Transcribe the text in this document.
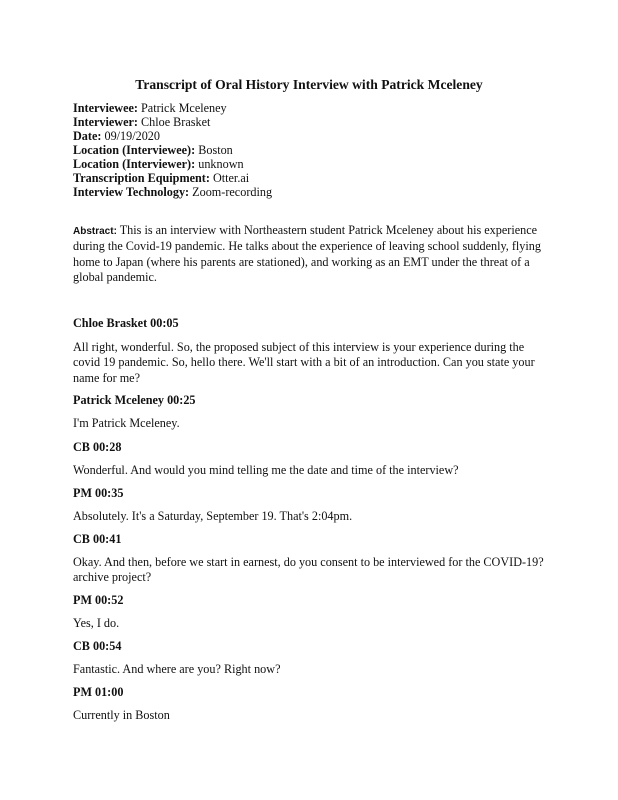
Transcript of Oral History Interview with Patrick Mceleney
Interviewee: Patrick Mceleney
Interviewer: Chloe Brasket
Date: 09/19/2020
Location (Interviewee): Boston
Location (Interviewer): unknown
Transcription Equipment: Otter.ai
Interview Technology: Zoom-recording
Abstract: This is an interview with Northeastern student Patrick Mceleney about his experience
during the Covid-19 pandemic. He talks about the experience of leaving school suddenly, flying
home to Japan (where his parents are stationed), and working as an EMT under the threat of a
global pandemic.
Chloe Brasket 00:05
All right, wonderful. So, the proposed subject of this interview is your experience during the
covid 19 pandemic. So, hello there. We'll start with a bit of an introduction. Can you state your
name for me?
Patrick Mceleney 00:25
I'm Patrick Mceleney.
CB 00:28
Wonderful. And would you mind telling me the date and time of the interview?
PM 00:35
Absolutely. It's a Saturday, September 19. That's 2:04pm.
CB 00:41
Okay. And then, before we start in earnest, do you consent to be interviewed for the COVID-19?
archive project?
PM 00:52
Yes, I do.
CB 00:54
Fantastic. And where are you? Right now?
PM 01:00
Currently in Boston
